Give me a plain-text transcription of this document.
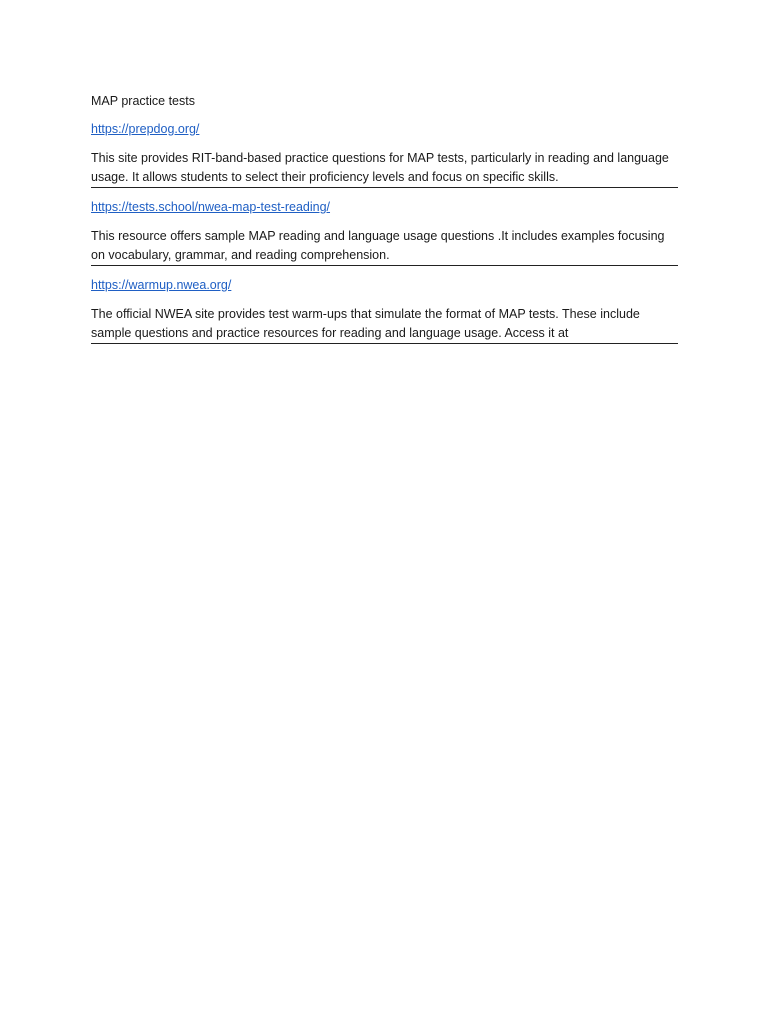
MAP practice tests
https://prepdog.org/

This site provides RIT-band-based practice questions for MAP tests, particularly in reading and language usage. It allows students to select their proficiency levels and focus on specific skills.

https://tests.school/nwea-map-test-reading/

This resource offers sample MAP reading and language usage questions .It includes examples focusing on vocabulary, grammar, and reading comprehension.

https://warmup.nwea.org/

The official NWEA site provides test warm-ups that simulate the format of MAP tests. These include sample questions and practice resources for reading and language usage. Access it at
